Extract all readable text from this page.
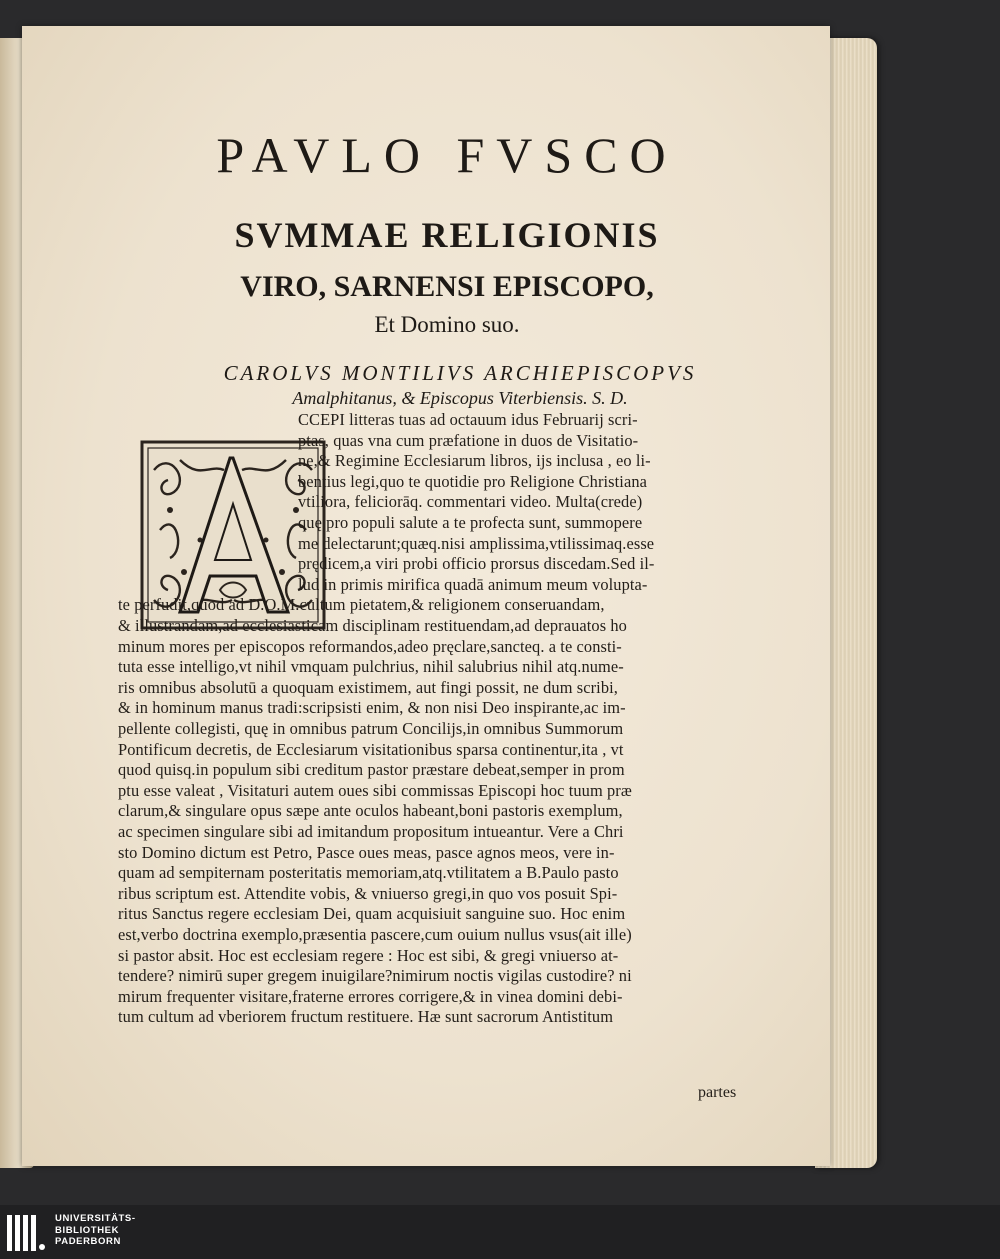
PAVLO FVSCO
SVMMAE RELIGIONIS
VIRO, SARNENSI EPISCOPO,
Et Domino suo.
CAROLVS MONTILIVS ARCHIEPISCOPVS
Amalphitanus, & Episcopus Viterbiensis. S. D.
CCEPI litteras tuas ad octauum idus Februarij scri-
ptas, quas vna cum præfatione in duos de Visitatio-
ne,& Regimine Ecclesiarum libros, ijs inclusa , eo li-
bentius legi,quo te quotidie pro Religione Christiana
vtiliora, feliciorāq. commentari video. Multa(crede)
quę pro populi salute a te profecta sunt, summopere
me delectarunt;quæq.nisi amplissima,vtilissimaq.esse
prędicem,a viri probi officio prorsus discedam.Sed il-
lud in primis mirifica quadā animum meum volupta-
te perfudit,quod ad D.O.M.cultum pietatem,& religionem conseruandam,
& illustrandam,ad ecclesiasticam disciplinam restituendam,ad deprauatos ho
minum mores per episcopos reformandos,adeo pręclare,sancteq. a te consti-
tuta esse intelligo,vt nihil vmquam pulchrius, nihil salubrius nihil atq.nume-
ris omnibus absolutū a quoquam existimem, aut fingi possit, ne dum scribi,
& in hominum manus tradi:scripsisti enim, & non nisi Deo inspirante,ac im-
pellente collegisti, quę in omnibus patrum Concilijs,in omnibus Summorum
Pontificum decretis, de Ecclesiarum visitationibus sparsa continentur,ita , vt
quod quisq.in populum sibi creditum pastor præstare debeat,semper in prom
ptu esse valeat , Visitaturi autem oues sibi commissas Episcopi hoc tuum præ
clarum,& singulare opus sæpe ante oculos habeant,boni pastoris exemplum,
ac specimen singulare sibi ad imitandum propositum intueantur. Vere a Chri
sto Domino dictum est Petro, Pasce oues meas, pasce agnos meos, vere in-
quam ad sempiternam posteritatis memoriam,atq.vtilitatem a B.Paulo pasto
ribus scriptum est. Attendite vobis, & vniuerso gregi,in quo vos posuit Spi-
ritus Sanctus regere ecclesiam Dei, quam acquisiuit sanguine suo. Hoc enim
est,verbo doctrina exemplo,præsentia pascere,cum ouium nullus vsus(ait ille)
si pastor absit. Hoc est ecclesiam regere : Hoc est sibi, & gregi vniuerso at-
tendere? nimirū super gregem inuigilare?nimirum noctis vigilas custodire? ni
mirum frequenter visitare,fraterne errores corrigere,& in vinea domini debi-
tum cultum ad vberiorem fructum restituere. Hæ sunt sacrorum Antistitum
partes
UNIVERSITÄTS-
BIBLIOTHEK
PADERBORN
